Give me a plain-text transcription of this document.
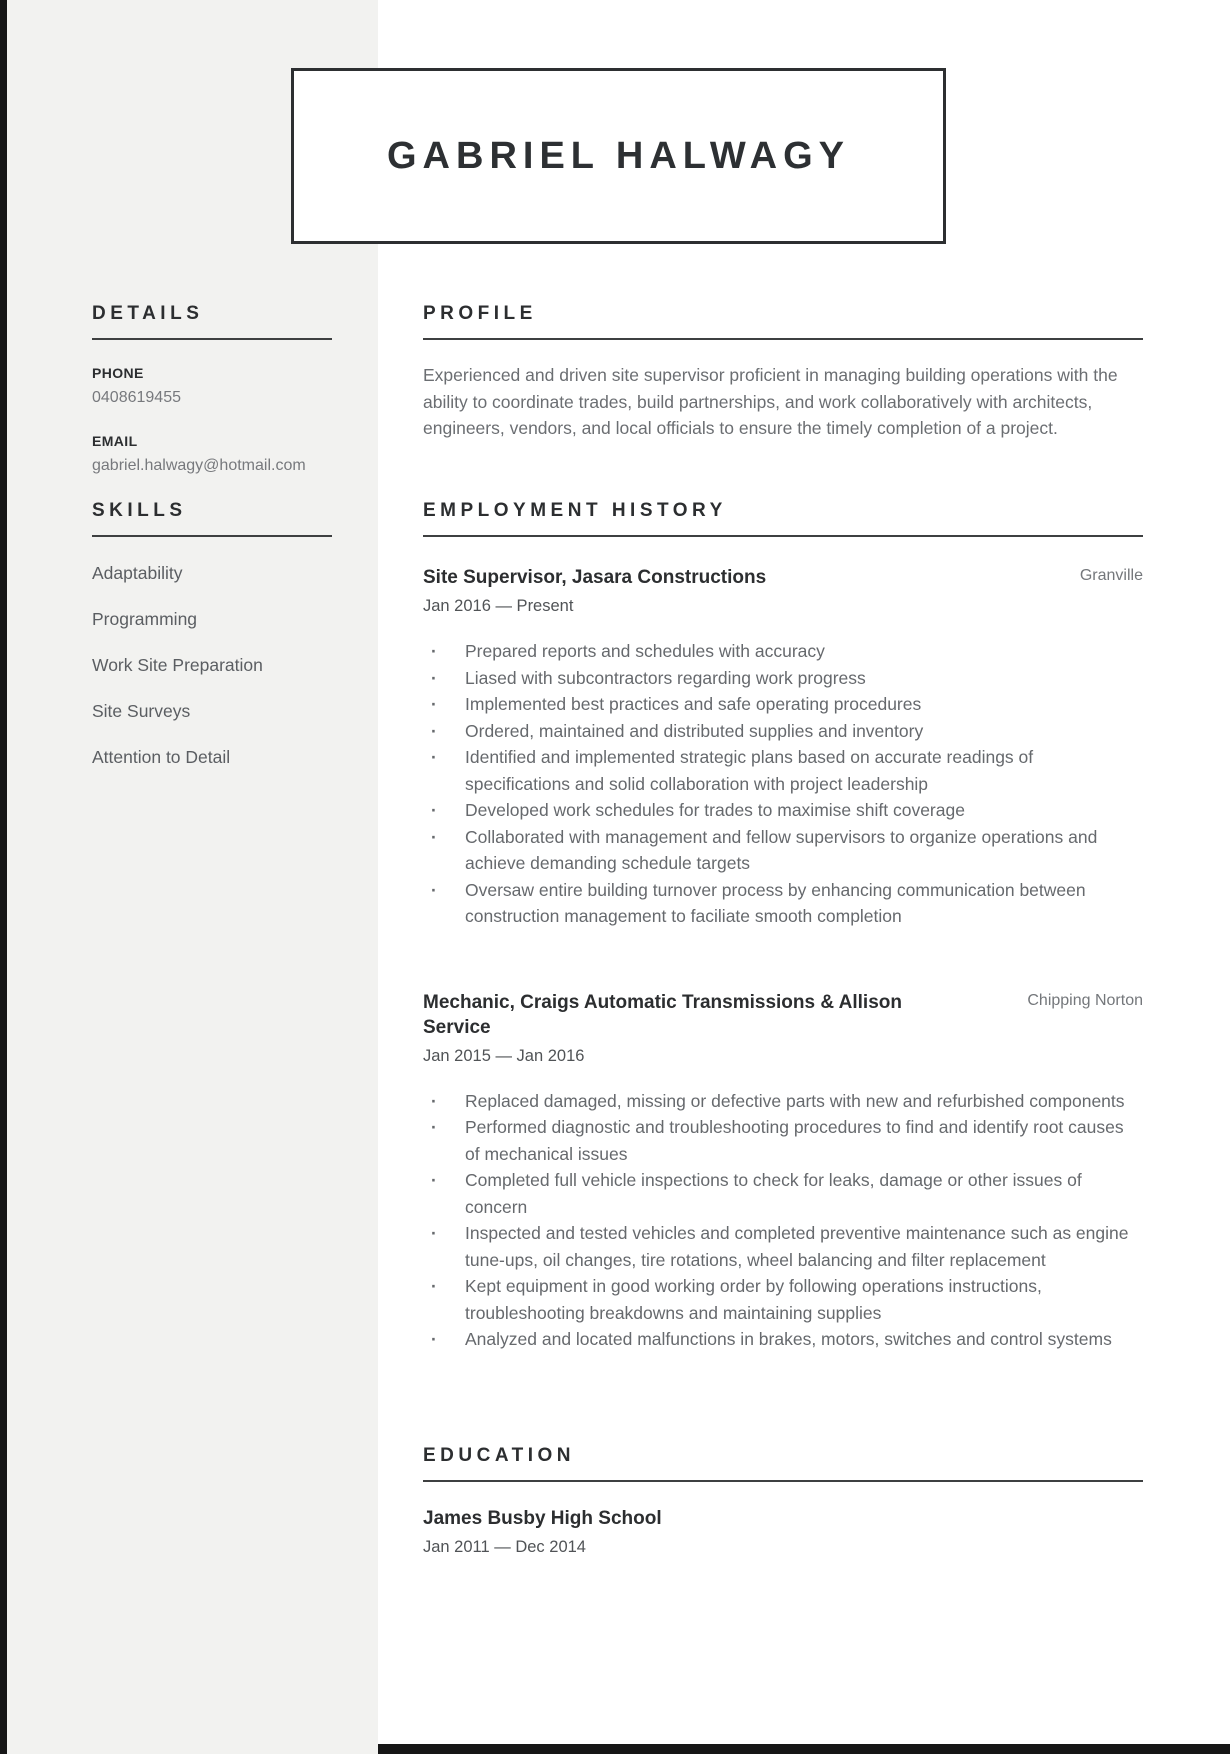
GABRIEL HALWAGY
DETAILS
PHONE
0408619455
EMAIL
gabriel.halwagy@hotmail.com
SKILLS
Adaptability
Programming
Work Site Preparation
Site Surveys
Attention to Detail
PROFILE

Experienced and driven site supervisor proficient in managing building operations with the ability to coordinate trades, build partnerships, and work collaboratively with architects, engineers, vendors, and local officials to ensure the timely completion of a project.

EMPLOYMENT HISTORY
Site Supervisor, Jasara Constructions	Granville
Jan 2016 — Present
· Prepared reports and schedules with accuracy
· Liased with subcontractors regarding work progress
· Implemented best practices and safe operating procedures
· Ordered, maintained and distributed supplies and inventory
· Identified and implemented strategic plans based on accurate readings of specifications and solid collaboration with project leadership
· Developed work schedules for trades to maximise shift coverage
· Collaborated with management and fellow supervisors to organize operations and achieve demanding schedule targets
· Oversaw entire building turnover process by enhancing communication between construction management to faciliate smooth completion
Mechanic, Craigs Automatic Transmissions & Allison Service
Chipping Norton
Jan 2015 — Jan 2016
· Replaced damaged, missing or defective parts with new and refurbished components
· Performed diagnostic and troubleshooting procedures to find and identify root causes of mechanical issues
· Completed full vehicle inspections to check for leaks, damage or other issues of concern
· Inspected and tested vehicles and completed preventive maintenance such as engine tune-ups, oil changes, tire rotations, wheel balancing and filter replacement
· Kept equipment in good working order by following operations instructions, troubleshooting breakdowns and maintaining supplies
· Analyzed and located malfunctions in brakes, motors, switches and control systems
EDUCATION
James Busby High School
Jan 2011 — Dec 2014
